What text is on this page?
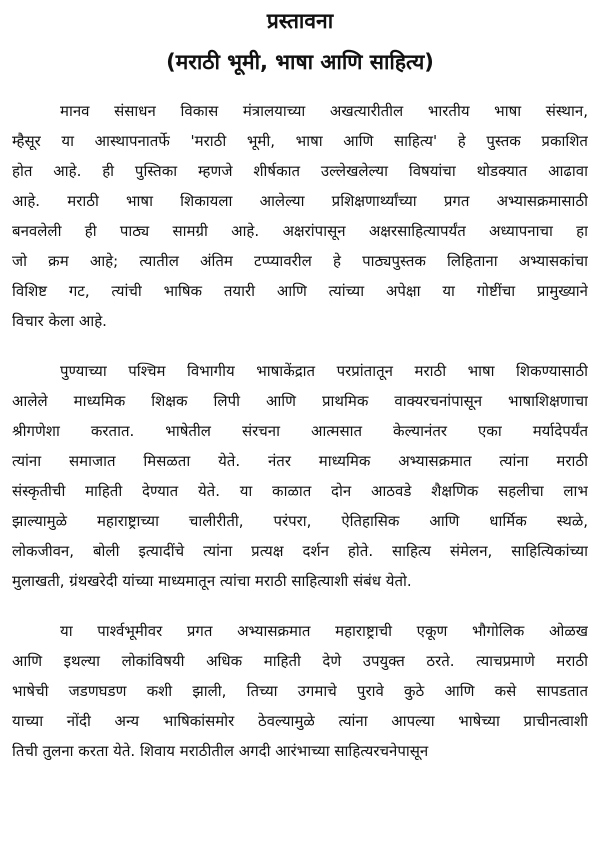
प्रस्तावना
(मराठी भूमी, भाषा आणि साहित्य)

मानव संसाधन विकास मंत्रालयाच्या अखत्यारीतील भारतीय भाषा संस्थान,
म्हैसूर या आस्थापनातर्फे 'मराठी भूमी, भाषा आणि साहित्य' हे पुस्तक प्रकाशित
होत आहे. ही पुस्तिका म्हणजे शीर्षकात उल्लेखलेल्या विषयांचा थोडक्यात आढावा
आहे. मराठी भाषा शिकायला आलेल्या प्रशिक्षणार्थ्यांच्या प्रगत अभ्यासक्रमासाठी
बनवलेली ही पाठ्य सामग्री आहे. अक्षरांपासून अक्षरसाहित्यापर्यंत अध्यापनाचा हा
जो क्रम आहे; त्यातील अंतिम टप्प्यावरील हे पाठ्यपुस्तक लिहिताना अभ्यासकांचा
विशिष्ट गट, त्यांची भाषिक तयारी आणि त्यांच्या अपेक्षा या गोष्टींचा प्रामुख्याने
विचार केला आहे.

पुण्याच्या पश्चिम विभागीय भाषाकेंद्रात परप्रांतातून मराठी भाषा शिकण्यासाठी
आलेले माध्यमिक शिक्षक लिपी आणि प्राथमिक वाक्यरचनांपासून भाषाशिक्षणाचा
श्रीगणेशा करतात. भाषेतील संरचना आत्मसात केल्यानंतर एका मर्यादेपर्यंत
त्यांना समाजात मिसळता येते. नंतर माध्यमिक अभ्यासक्रमात त्यांना मराठी
संस्कृतीची माहिती देण्यात येते. या काळात दोन आठवडे शैक्षणिक सहलीचा लाभ
झाल्यामुळे महाराष्ट्राच्या चालीरीती, परंपरा, ऐतिहासिक आणि धार्मिक स्थळे,
लोकजीवन, बोली इत्यादींचे त्यांना प्रत्यक्ष दर्शन होते. साहित्य संमेलन, साहित्यिकांच्या
मुलाखती, ग्रंथखरेदी यांच्या माध्यमातून त्यांचा मराठी साहित्याशी संबंध येतो.

या पार्श्वभूमीवर प्रगत अभ्यासक्रमात महाराष्ट्राची एकूण भौगोलिक ओळख
आणि इथल्या लोकांविषयी अधिक माहिती देणे उपयुक्त ठरते. त्याचप्रमाणे मराठी
भाषेची जडणघडण कशी झाली, तिच्या उगमाचे पुरावे कुठे आणि कसे सापडतात
याच्या नोंदी अन्य भाषिकांसमोर ठेवल्यामुळे त्यांना आपल्या भाषेच्या प्राचीनत्वाशी
तिची तुलना करता येते. शिवाय मराठीतील अगदी आरंभाच्या साहित्यरचनेपासून
